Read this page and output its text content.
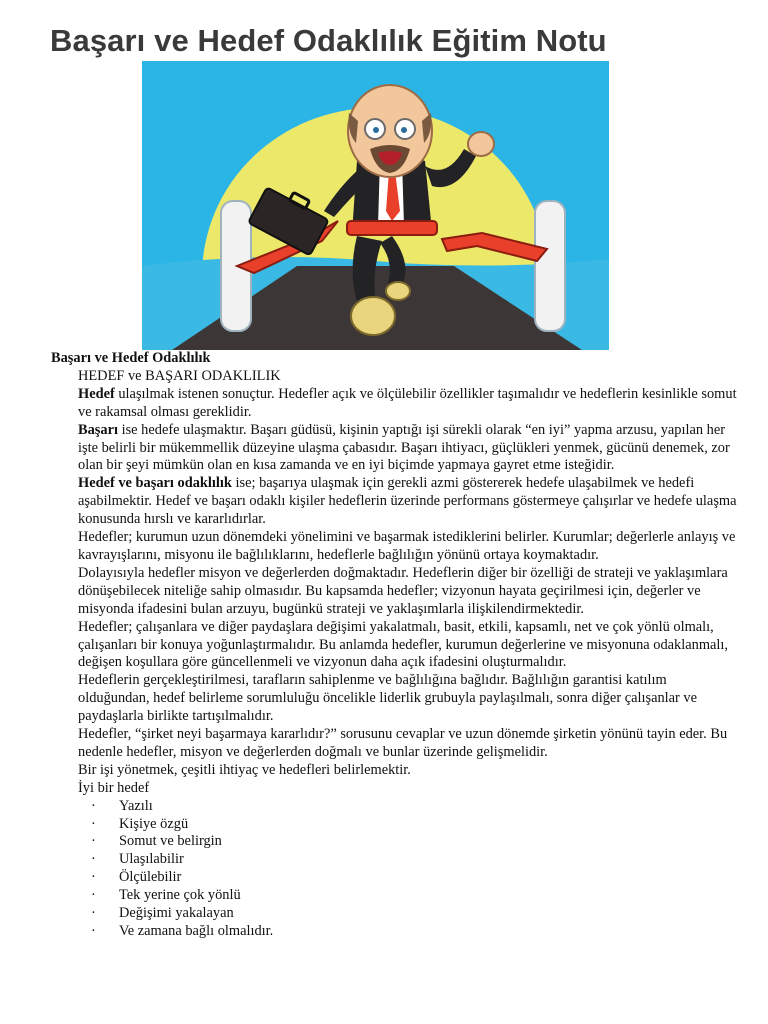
Başarı ve Hedef Odaklılık Eğitim Notu
Başarı ve Hedef Odaklılık
HEDEF ve BAŞARI ODAKLILIK
Hedef ulaşılmak istenen sonuçtur. Hedefler açık ve ölçülebilir özellikler taşımalıdır ve hedeflerin kesinlikle somut ve rakamsal olması gereklidir.
Başarı ise hedefe ulaşmaktır. Başarı güdüsü, kişinin yaptığı işi sürekli olarak “en iyi” yapma arzusu, yapılan her işte belirli bir mükemmellik düzeyine ulaşma çabasıdır. Başarı ihtiyacı, güçlükleri yenmek, gücünü denemek, zor olan bir şeyi mümkün olan en kısa zamanda ve en iyi biçimde yapmaya gayret etme isteğidir.
Hedef ve başarı odaklılık ise; başarıya ulaşmak için gerekli azmi göstererek hedefe ulaşabilmek ve hedefi aşabilmektir. Hedef ve başarı odaklı kişiler hedeflerin üzerinde performans göstermeye çalışırlar ve hedefe ulaşma konusunda hırslı ve kararlıdırlar.
Hedefler; kurumun uzun dönemdeki yönelimini ve başarmak istediklerini belirler. Kurumlar; değerlerle anlayış ve kavrayışlarını, misyonu ile bağlılıklarını, hedeflerle bağlılığın yönünü ortaya koymaktadır.
Dolayısıyla hedefler misyon ve değerlerden doğmaktadır. Hedeflerin diğer bir özelliği de strateji ve yaklaşımlara dönüşebilecek niteliğe sahip olmasıdır. Bu kapsamda hedefler; vizyonun hayata geçirilmesi için, değerler ve misyonda ifadesini bulan arzuyu, bugünkü strateji ve yaklaşımlarla ilişkilendirmektedir.
Hedefler; çalışanlara ve diğer paydaşlara değişimi yakalatmalı, basit, etkili, kapsamlı, net ve çok yönlü olmalı, çalışanları bir konuya yoğunlaştırmalıdır. Bu anlamda hedefler, kurumun değerlerine ve misyonuna odaklanmalı, değişen koşullara göre güncellenmeli ve vizyonun daha açık ifadesini oluşturmalıdır.
Hedeflerin gerçekleştirilmesi, tarafların sahiplenme ve bağlılığına bağlıdır. Bağlılığın garantisi katılım olduğundan, hedef belirleme sorumluluğu öncelikle liderlik grubuyla paylaşılmalı, sonra diğer çalışanlar ve paydaşlarla birlikte tartışılmalıdır.
Hedefler, “şirket neyi başarmaya kararlıdır?” sorusunu cevaplar ve uzun dönemde şirketin yönünü tayin eder. Bu nedenle hedefler, misyon ve değerlerden doğmalı ve bunlar üzerinde gelişmelidir.
Bir işi yönetmek, çeşitli ihtiyaç ve hedefleri belirlemektir.
İyi bir hedef
· Yazılı
· Kişiye özgü
· Somut ve belirgin
· Ulaşılabilir
· Ölçülebilir
· Tek yerine çok yönlü
· Değişimi yakalayan
· Ve zamana bağlı olmalıdır.
